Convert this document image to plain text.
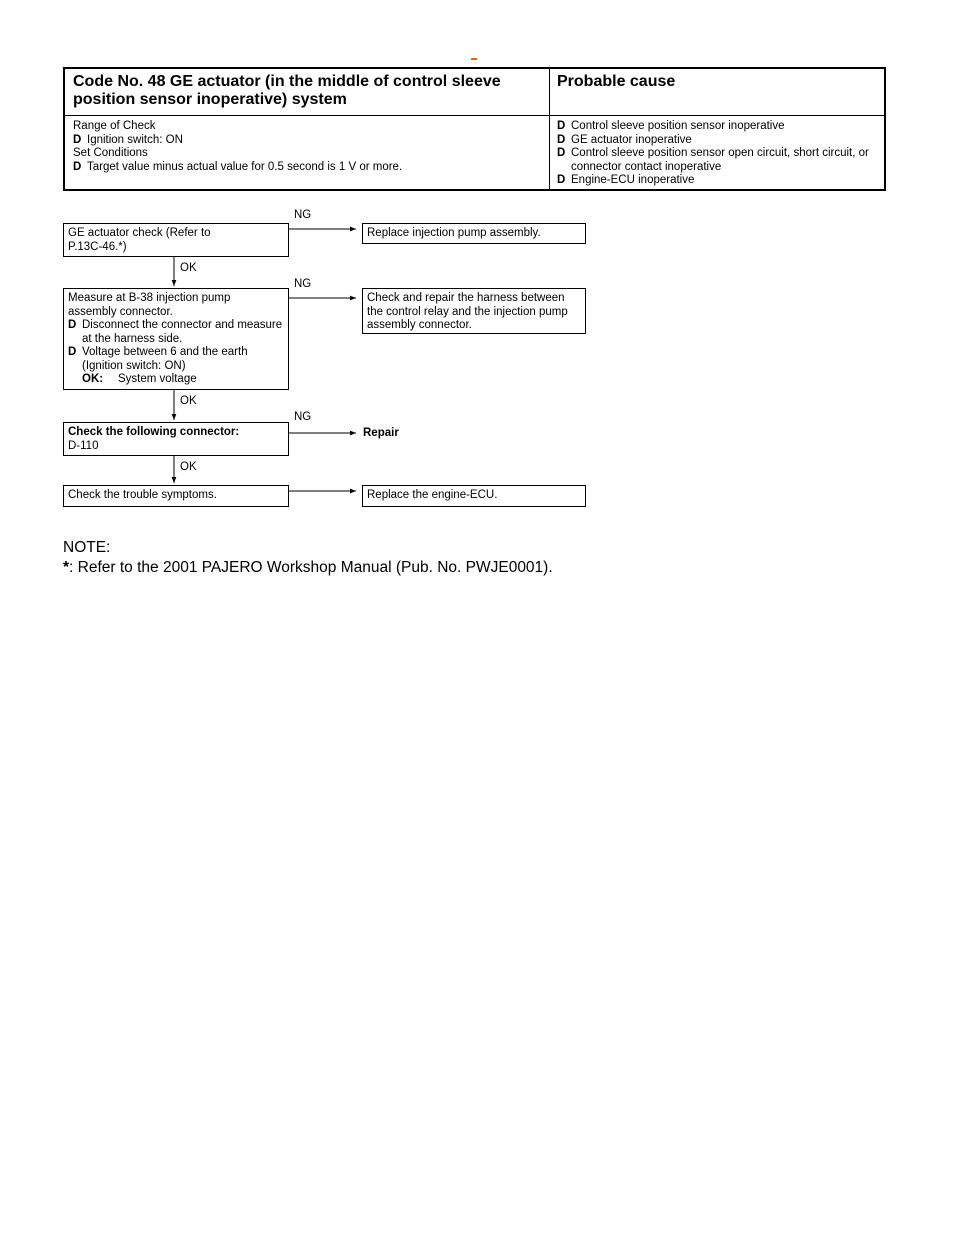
Code No. 48 GE actuator (in the middle of control sleeve position sensor inoperative) system
Probable cause
Range of Check
D Ignition switch: ON
Set Conditions
D Target value minus actual value for 0.5 second is 1 V or more.
D Control sleeve position sensor inoperative
D GE actuator inoperative
D Control sleeve position sensor open circuit, short circuit, or connector contact inoperative
D Engine-ECU inoperative
GE actuator check (Refer to
P.13C-46.*)
Replace injection pump assembly.
Measure at B-38 injection pump
assembly connector.
D Disconnect the connector and measure at the harness side.
D Voltage between 6 and the earth (Ignition switch: ON)
OK: System voltage
Check and repair the harness between the control relay and the injection pump assembly connector.
Check the following connector:
D-110
Repair
Check the trouble symptoms.	Replace the engine-ECU.
NG
OK
NG
OK
NG
OK
NOTE:
*: Refer to the 2001 PAJERO Workshop Manual (Pub. No. PWJE0001).
